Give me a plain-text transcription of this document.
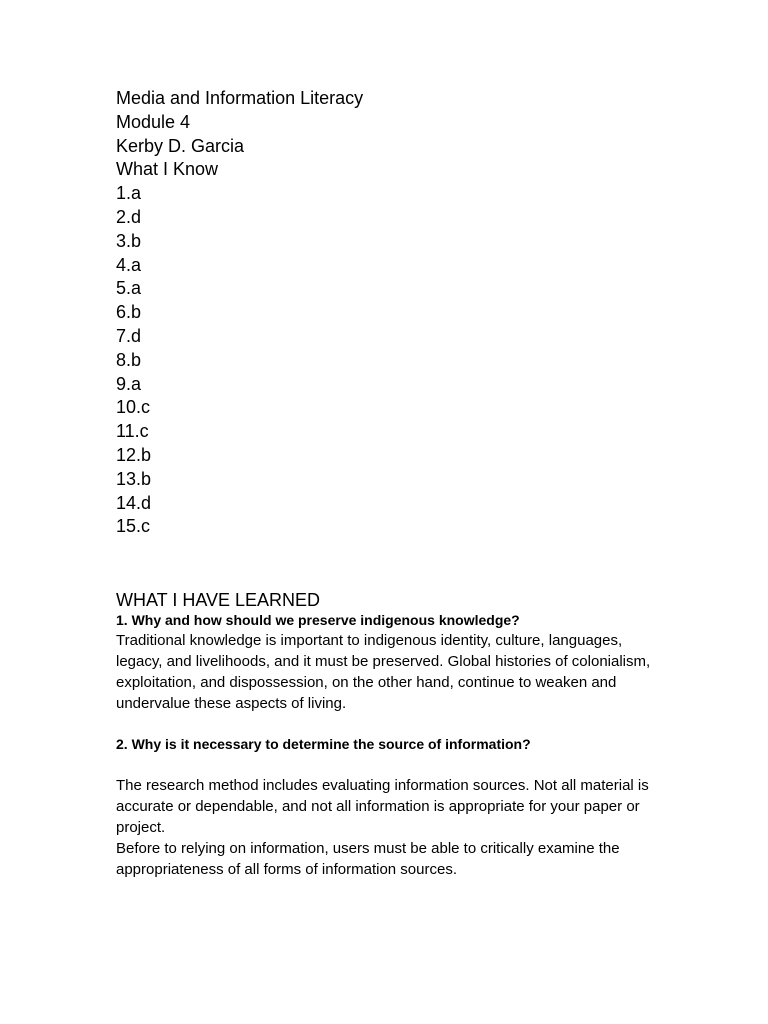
Media and Information Literacy
Module 4
Kerby D. Garcia
What I Know
1.a
2.d
3.b
4.a
5.a
6.b
7.d
8.b
9.a
10.c
11.c
12.b
13.b
14.d
15.c
WHAT I HAVE LEARNED
1. Why and how should we preserve indigenous knowledge?
Traditional knowledge is important to indigenous identity, culture, languages, legacy, and livelihoods, and it must be preserved. Global histories of colonialism, exploitation, and dispossession, on the other hand, continue to weaken and undervalue these aspects of living.
2. Why is it necessary to determine the source of information?
The research method includes evaluating information sources. Not all material is accurate or dependable, and not all information is appropriate for your paper or project.
Before to relying on information, users must be able to critically examine the appropriateness of all forms of information sources.
